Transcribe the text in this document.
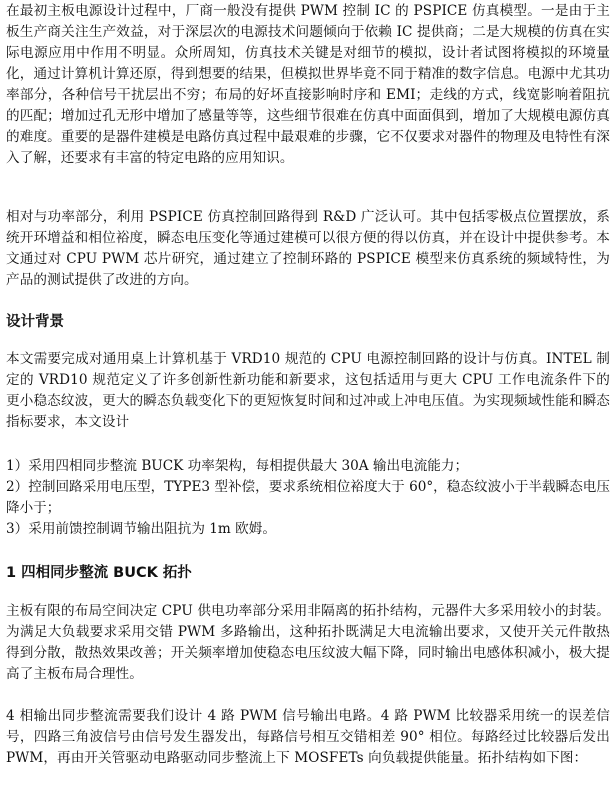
在最初主板电源设计过程中，厂商一般没有提供 PWM 控制 IC 的 PSPICE 仿真模型。一是由于主板生产商关注生产效益，对于深层次的电源技术问题倾向于依赖 IC 提供商；二是大规模的仿真在实际电源应用中作用不明显。众所周知，仿真技术关键是对细节的模拟，设计者试图将模拟的环境量化，通过计算机计算还原，得到想要的结果，但模拟世界毕竟不同于精准的数字信息。电源中尤其功率部分，各种信号干扰层出不穷；布局的好坏直接影响时序和 EMI；走线的方式，线宽影响着阻抗的匹配；增加过孔无形中增加了感量等等，这些细节很难在仿真中面面俱到，增加了大规模电源仿真的难度。重要的是器件建模是电路仿真过程中最艰难的步骤，它不仅要求对器件的物理及电特性有深入了解，还要求有丰富的特定电路的应用知识。

相对与功率部分，利用 PSPICE 仿真控制回路得到 R&D 广泛认可。其中包括零极点位置摆放，系统开环增益和相位裕度，瞬态电压变化等通过建模可以很方便的得以仿真，并在设计中提供参考。本文通过对 CPU PWM 芯片研究，通过建立了控制环路的 PSPICE 模型来仿真系统的频域特性，为产品的测试提供了改进的方向。

设计背景

本文需要完成对通用桌上计算机基于 VRD10 规范的 CPU 电源控制回路的设计与仿真。INTEL 制定的 VRD10 规范定义了许多创新性新功能和新要求，这包括适用与更大 CPU 工作电流条件下的更小稳态纹波，更大的瞬态负载变化下的更短恢复时间和过冲或上冲电压值。为实现频域性能和瞬态指标要求，本文设计

1）采用四相同步整流 BUCK 功率架构，每相提供最大 30A 输出电流能力；

2）控制回路采用电压型，TYPE3 型补偿，要求系统相位裕度大于 60°，稳态纹波小于半载瞬态电压降小于；

3）采用前馈控制调节输出阻抗为 1m 欧姆。

1 四相同步整流 BUCK 拓扑

主板有限的布局空间决定 CPU 供电功率部分采用非隔离的拓扑结构，元器件大多采用较小的封装。为满足大负载要求采用交错 PWM 多路输出，这种拓扑既满足大电流输出要求，又使开关元件散热得到分散，散热效果改善；开关频率增加使稳态电压纹波大幅下降，同时输出电感体积减小，极大提高了主板布局合理性。

4 相输出同步整流需要我们设计 4 路 PWM 信号输出电路。4 路 PWM 比较器采用统一的误差信号，四路三角波信号由信号发生器发出，每路信号相互交错相差 90° 相位。每路经过比较器后发出 PWM，再由开关管驱动电路驱动同步整流上下 MOSFETs 向负载提供能量。拓扑结构如下图：
